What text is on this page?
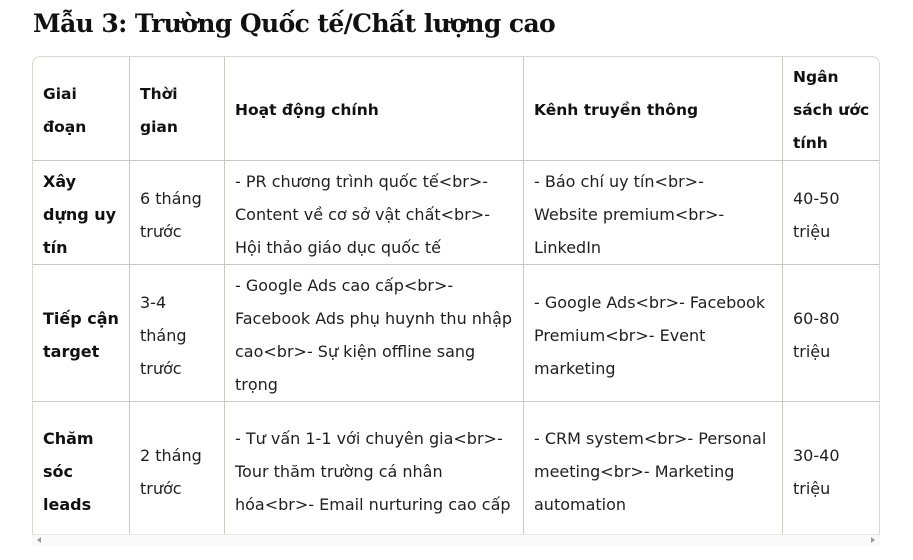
Mẫu 3: Trường Quốc tế/Chất lượng cao
Giai đoạn	Thời gian	Hoạt động chính	Kênh truyền thông	Ngân sách ước tính
Xây dựng uy tín	6 tháng trước	- PR chương trình quốc tế<br>- Content về cơ sở vật chất<br>- Hội thảo giáo dục quốc tế	- Báo chí uy tín<br>- Website premium<br>- LinkedIn	40-50 triệu
Tiếp cận target	3-4 tháng trước	- Google Ads cao cấp<br>- Facebook Ads phụ huynh thu nhập cao<br>- Sự kiện offline sang trọng	- Google Ads<br>- Facebook Premium<br>- Event marketing	60-80 triệu
Chăm sóc leads	2 tháng trước	- Tư vấn 1-1 với chuyên gia<br>- Tour thăm trường cá nhân hóa<br>- Email nurturing cao cấp	- CRM system<br>- Personal meeting<br>- Marketing automation	30-40 triệu
